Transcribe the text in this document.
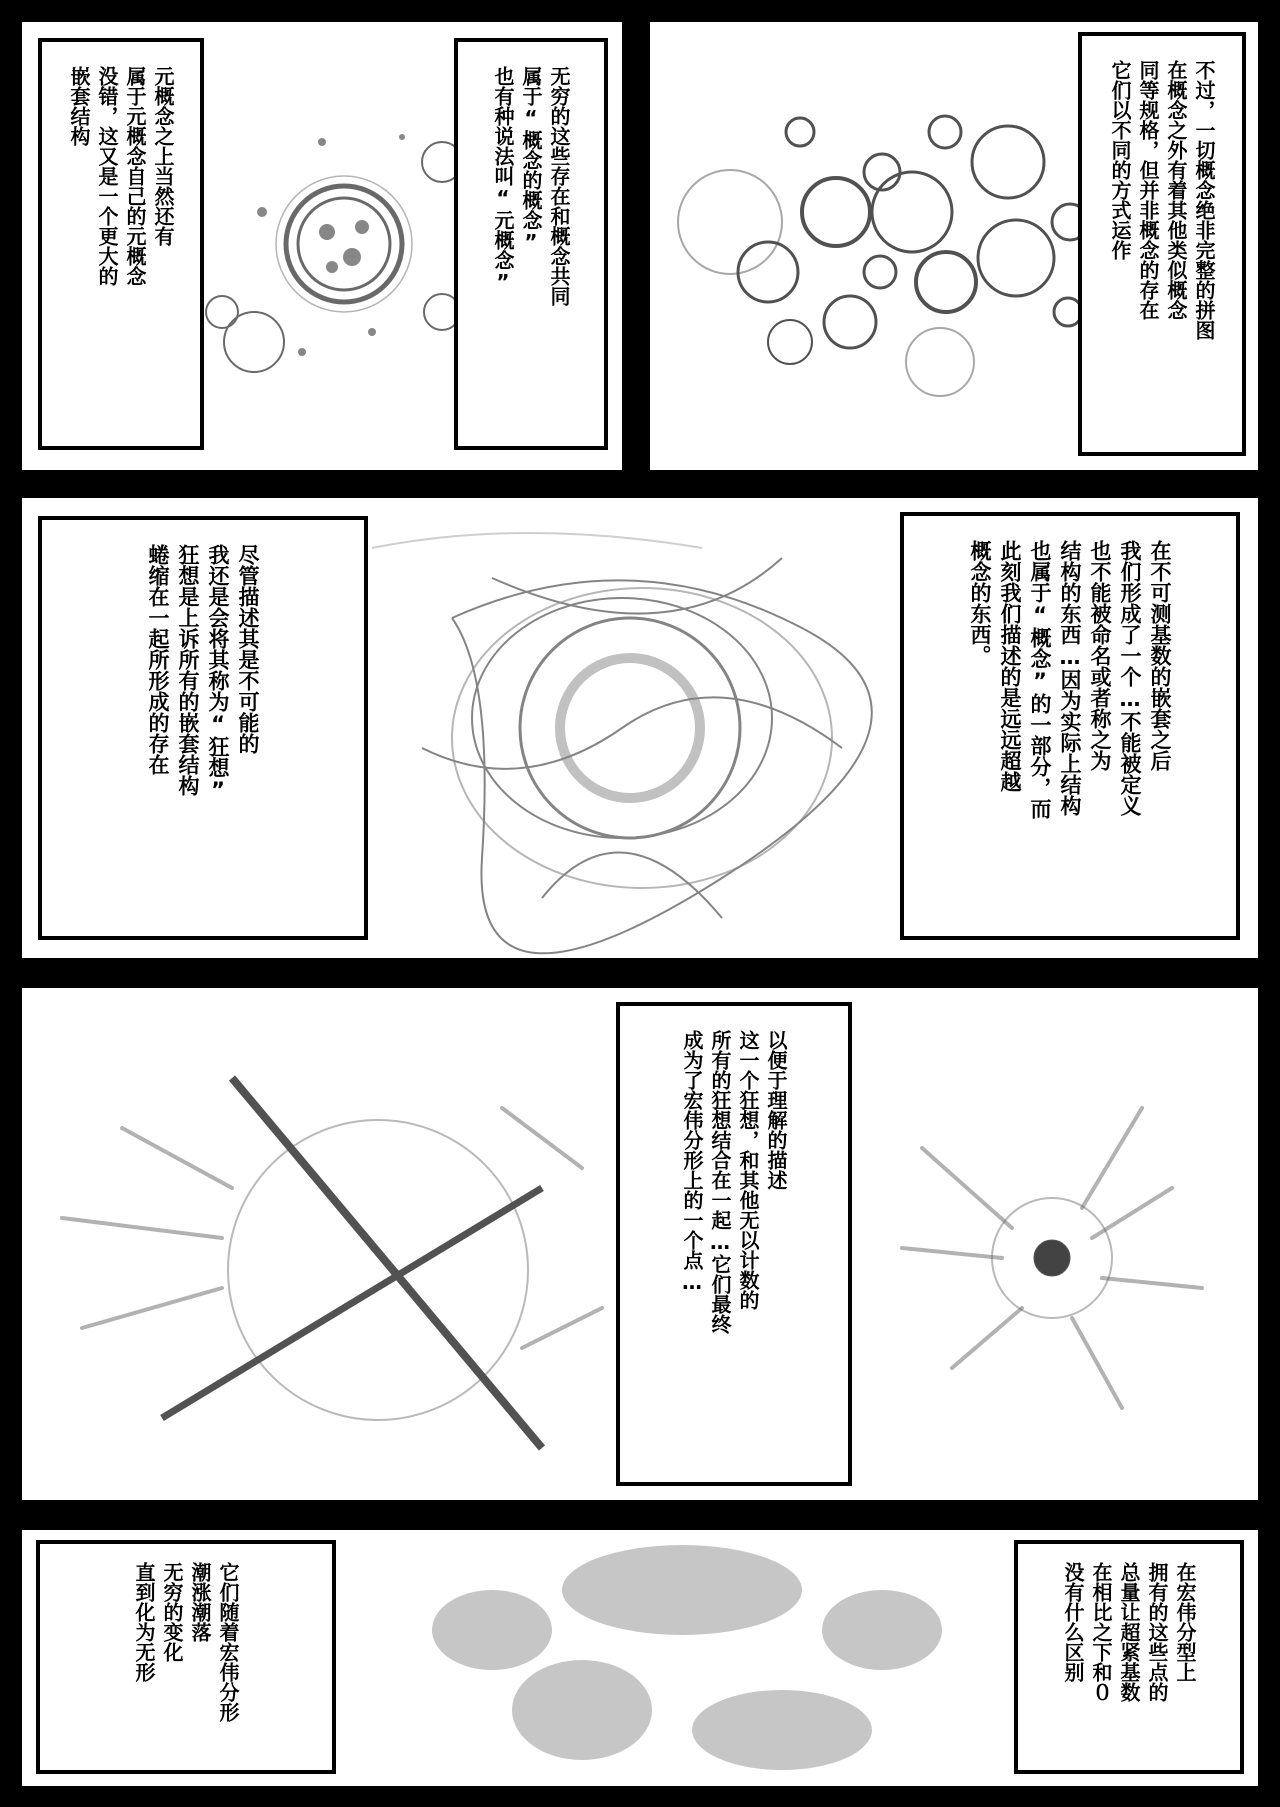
元概念之上当然还有
属于元概念自己的元概念
没错，这又是一个更大的
嵌套结构	无穷的这些存在和概念共同
属于“概念的概念”
也有种说法叫“元概念”	不过，一切概念绝非完整的拼图
在概念之外有着其他类似概念
同等规格，但并非概念的存在
它们以不同的方式运作
尽管描述其是不可能的
我还是会将其称为“狂想”
狂想是上诉所有的嵌套结构
蜷缩在一起所形成的存在	在不可测基数的嵌套之后
我们形成了一个…不能被定义
也不能被命名或者称之为
结构的东西…因为实际上结构
也属于“概念”的一部分，而
此刻我们描述的是远远超越
概念的东西。
以便于理解的描述
这一个狂想，和其他无以计数的
所有的狂想结合在一起…它们最终
成为了宏伟分形上的一个点…
它们随着宏伟分形
潮涨潮落
无穷的变化
直到化为无形	在宏伟分型上
拥有的这些点的
总量让超紧基数
在相比之下和０
没有什么区别
